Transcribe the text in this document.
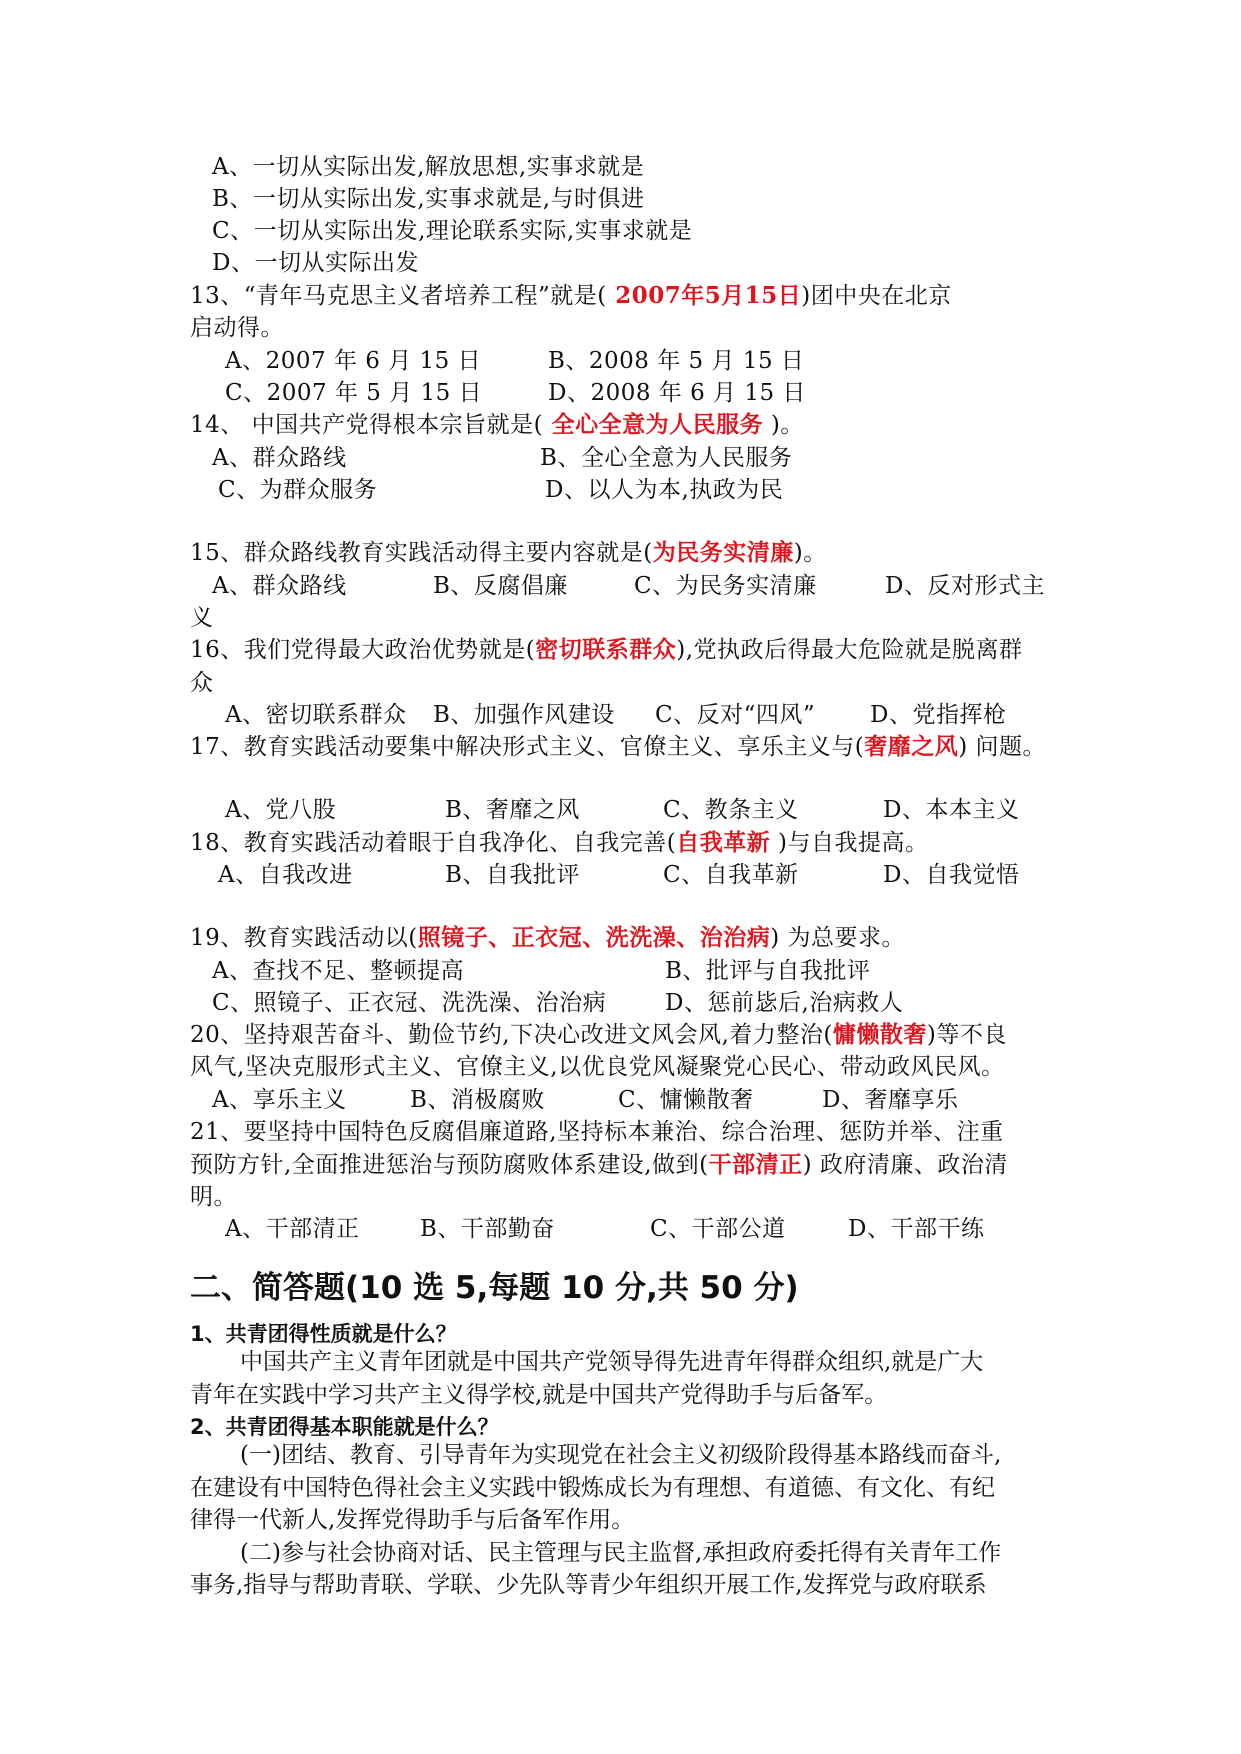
A、一切从实际出发,解放思想,实事求就是
B、一切从实际出发,实事求就是,与时俱进
C、一切从实际出发,理论联系实际,实事求就是
D、一切从实际出发
13、“青年马克思主义者培养工程”就是( 2007年5月15日)团中央在北京
启动得。
A、2007 年 6 月 15 日	B、2008 年 5 月 15 日
C、2007 年 5 月 15 日	D、2008 年 6 月 15 日
14、 中国共产党得根本宗旨就是( 全心全意为人民服务 )。
A、群众路线	B、全心全意为人民服务
C、为群众服务	D、以人为本,执政为民
15、群众路线教育实践活动得主要内容就是(为民务实清廉)。
A、群众路线	B、反腐倡廉	C、为民务实清廉	D、反对形式主
义
16、我们党得最大政治优势就是(密切联系群众),党执政后得最大危险就是脱离群
众
A、密切联系群众 B、加强作风建设 C、反对“四风” D、党指挥枪
17、教育实践活动要集中解决形式主义、官僚主义、享乐主义与(奢靡之风) 问题。
A、党八股	B、奢靡之风	C、教条主义	D、本本主义
18、教育实践活动着眼于自我净化、自我完善(自我革新 )与自我提高。
A、自我改进	B、自我批评	C、自我革新	D、自我觉悟
19、教育实践活动以(照镜子、正衣冠、洗洗澡、治治病) 为总要求。
A、查找不足、整顿提高	B、批评与自我批评
C、照镜子、正衣冠、洗洗澡、治治病	D、惩前毖后,治病救人
20、坚持艰苦奋斗、勤俭节约,下决心改进文风会风,着力整治(慵懒散奢)等不良
风气,坚决克服形式主义、官僚主义,以优良党风凝聚党心民心、带动政风民风。
A、享乐主义	B、消极腐败	C、慵懒散奢	D、奢靡享乐
21、要坚持中国特色反腐倡廉道路,坚持标本兼治、综合治理、惩防并举、注重
预防方针,全面推进惩治与预防腐败体系建设,做到(干部清正) 政府清廉、政治清
明。
A、干部清正	B、干部勤奋	C、干部公道	D、干部干练
二、简答题(10 选 5,每题 10 分,共 50 分)
1、共青团得性质就是什么？
中国共产主义青年团就是中国共产党领导得先进青年得群众组织,就是广大
青年在实践中学习共产主义得学校,就是中国共产党得助手与后备军。
2、共青团得基本职能就是什么？
(一)团结、教育、引导青年为实现党在社会主义初级阶段得基本路线而奋斗,
在建设有中国特色得社会主义实践中锻炼成长为有理想、有道德、有文化、有纪
律得一代新人,发挥党得助手与后备军作用。
(二)参与社会协商对话、民主管理与民主监督,承担政府委托得有关青年工作
事务,指导与帮助青联、学联、少先队等青少年组织开展工作,发挥党与政府联系
